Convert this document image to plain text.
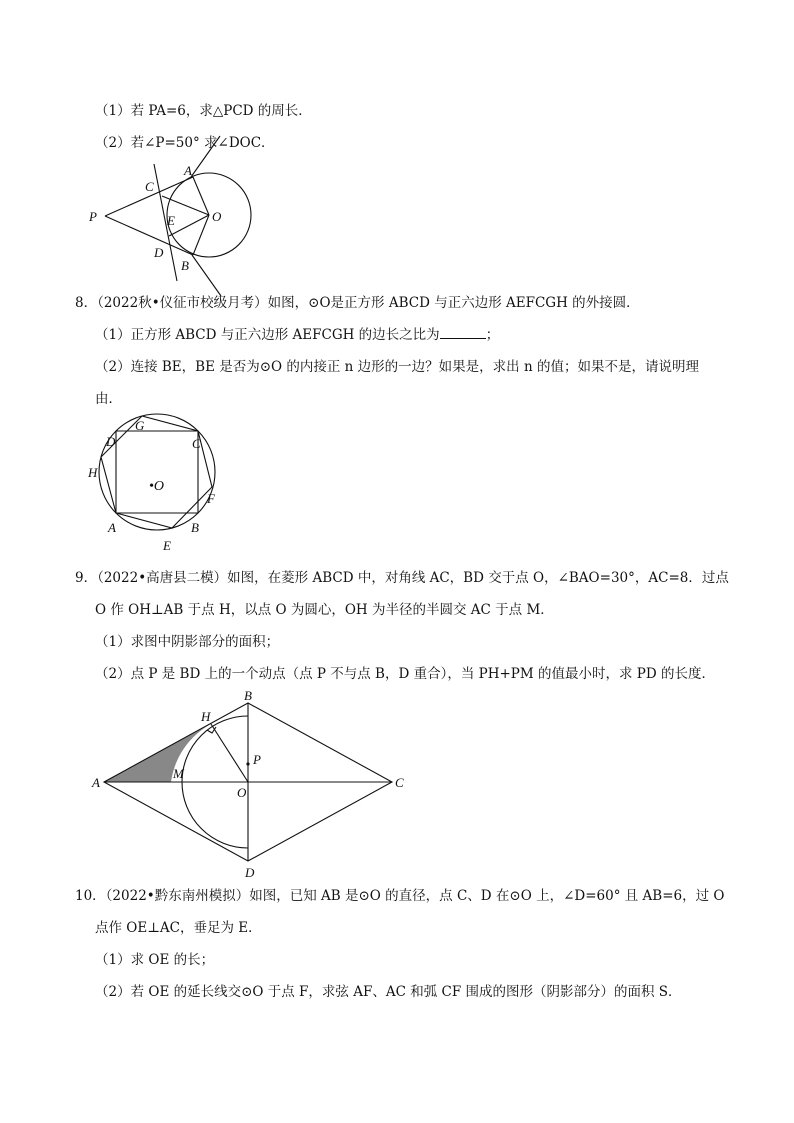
（1）若 PA=6，求△PCD 的周长．
（2）若∠P=50° 求∠DOC．
A
C
P	E	O
D
B
8．（2022秋•仪征市校级月考）如图，⊙O是正方形 ABCD 与正六边形 AEFCGH 的外接圆．
（1）正方形 ABCD 与正六边形 AEFCGH 的边长之比为	；
（2）连接 BE，BE 是否为⊙O 的内接正 n 边形的一边？如果是，求出 n 的值；如果不是，请说明理
由．
G
D	C
H
•O
F
A	B
E
9．（2022•高唐县二模）如图，在菱形 ABCD 中，对角线 AC，BD 交于点 O，∠BAO=30°，AC=8．过点
O 作 OH⊥AB 于点 H，以点 O 为圆心，OH 为半径的半圆交 AC 于点 M．
（1）求图中阴影部分的面积；
（2）点 P 是 BD 上的一个动点（点 P 不与点 B，D 重合），当 PH+PM 的值最小时，求 PD 的长度．
B
H
P
A
M
O
C
D
10．（2022•黔东南州模拟）如图，已知 AB 是⊙O 的直径，点 C、D 在⊙O 上，∠D=60° 且 AB=6，过 O
点作 OE⊥AC，垂足为 E．
（1）求 OE 的长；
（2）若 OE 的延长线交⊙O 于点 F，求弦 AF、AC 和弧 CF 围成的图形（阴影部分）的面积 S．
